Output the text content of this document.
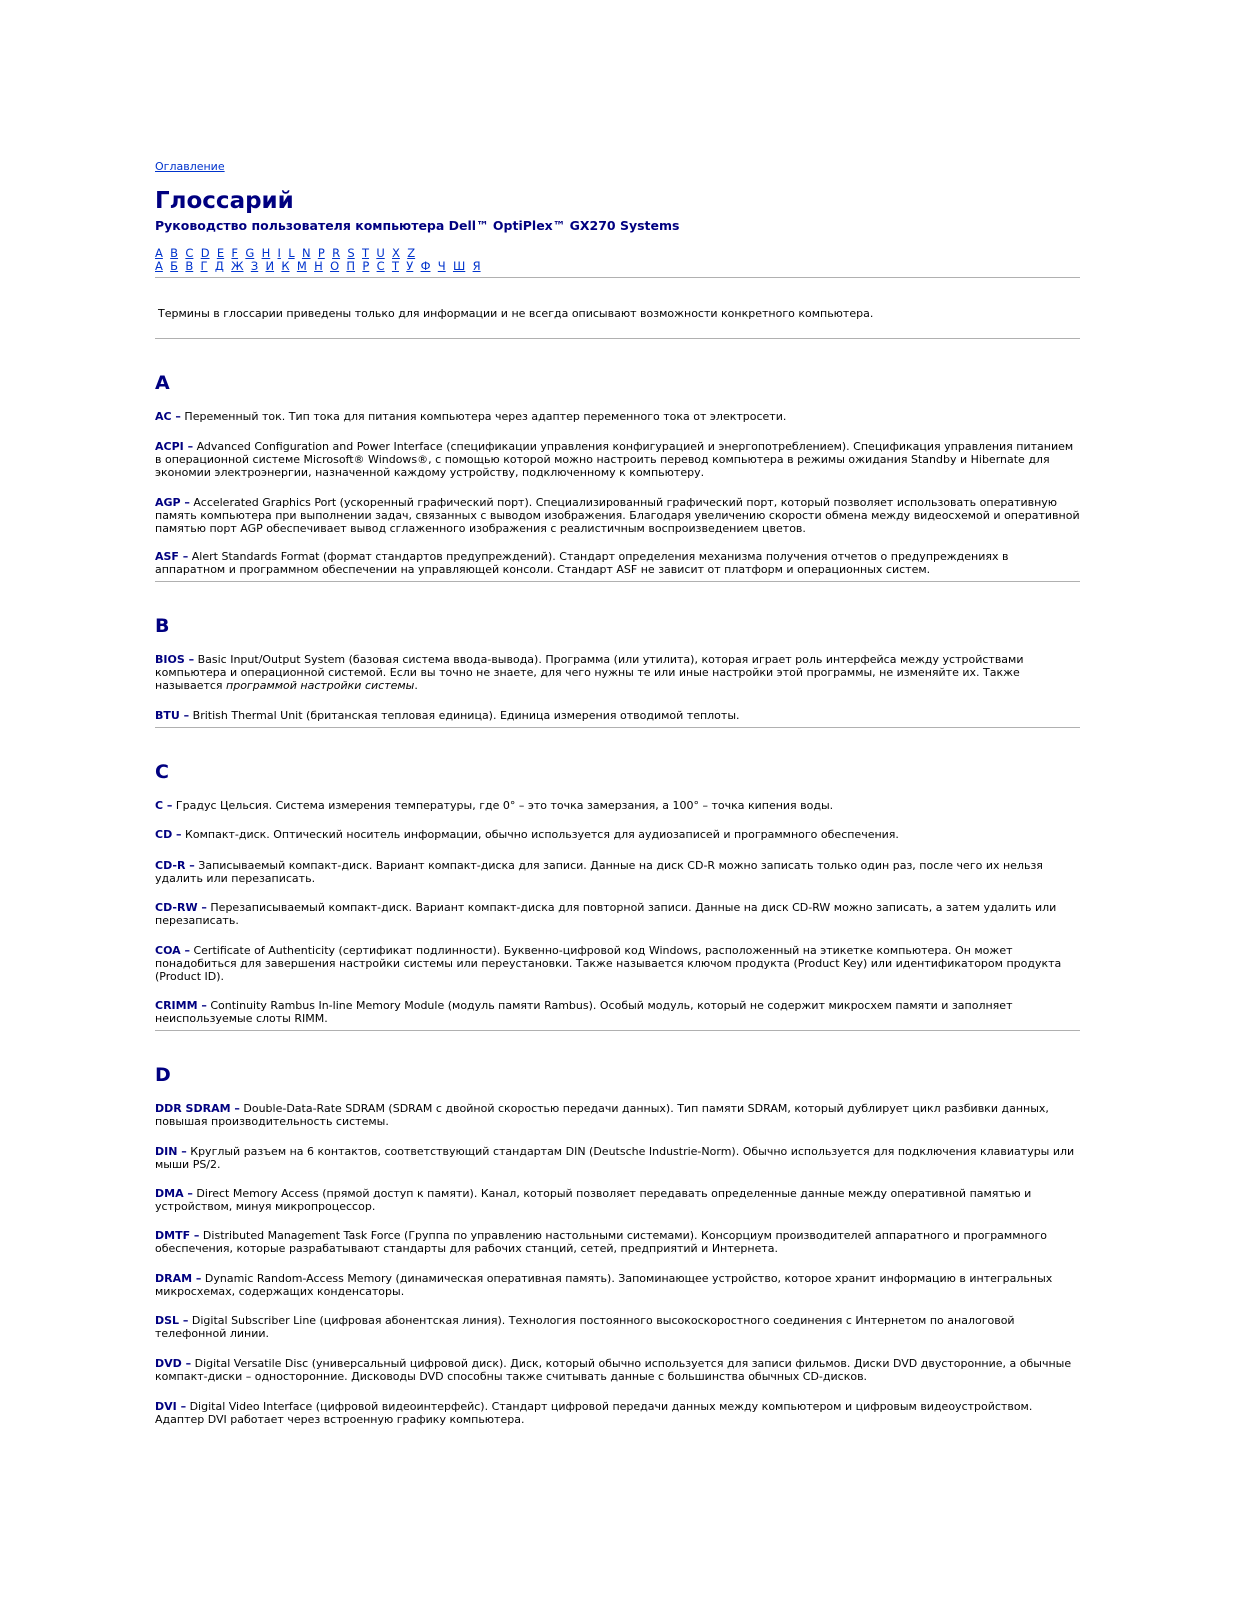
Оглавление
Глоссарий
Руководство пользователя компьютера Dell™ OptiPlex™ GX270 Systems
A B C D E F G H I L N P R S T U X Z
А Б В Г Д Ж З И К М Н О П Р С Т У Ф Ч Ш Я

Термины в глоссарии приведены только для информации и не всегда описывают возможности конкретного компьютера.

A

AC – Переменный ток. Тип тока для питания компьютера через адаптер переменного тока от электросети.

ACPI – Advanced Configuration and Power Interface (спецификации управления конфигурацией и энергопотреблением). Спецификация управления питанием в операционной системе Microsoft® Windows®, с помощью которой можно настроить перевод компьютера в режимы ожидания Standby и Hibernate для экономии электроэнергии, назначенной каждому устройству, подключенному к компьютеру.

AGP – Accelerated Graphics Port (ускоренный графический порт). Специализированный графический порт, который позволяет использовать оперативную память компьютера при выполнении задач, связанных с выводом изображения. Благодаря увеличению скорости обмена между видеосхемой и оперативной памятью порт AGP обеспечивает вывод сглаженного изображения с реалистичным воспроизведением цветов.

ASF – Alert Standards Format (формат стандартов предупреждений). Стандарт определения механизма получения отчетов о предупреждениях в аппаратном и программном обеспечении на управляющей консоли. Стандарт ASF не зависит от платформ и операционных систем.

B

BIOS – Basic Input/Output System (базовая система ввода-вывода). Программа (или утилита), которая играет роль интерфейса между устройствами компьютера и операционной системой. Если вы точно не знаете, для чего нужны те или иные настройки этой программы, не изменяйте их. Также называется программой настройки системы.

BTU – British Thermal Unit (британская тепловая единица). Единица измерения отводимой теплоты.

C

C – Градус Цельсия. Система измерения температуры, где 0° – это точка замерзания, а 100° – точка кипения воды.

CD – Компакт-диск. Оптический носитель информации, обычно используется для аудиозаписей и программного обеспечения.

CD-R – Записываемый компакт-диск. Вариант компакт-диска для записи. Данные на диск CD-R можно записать только один раз, после чего их нельзя удалить или перезаписать.

CD-RW – Перезаписываемый компакт-диск. Вариант компакт-диска для повторной записи. Данные на диск CD-RW можно записать, а затем удалить или перезаписать.

COA – Certificate of Authenticity (сертификат подлинности). Буквенно-цифровой код Windows, расположенный на этикетке компьютера. Он может понадобиться для завершения настройки системы или переустановки. Также называется ключом продукта (Product Key) или идентификатором продукта (Product ID).

CRIMM – Continuity Rambus In-line Memory Module (модуль памяти Rambus). Особый модуль, который не содержит микросхем памяти и заполняет неиспользуемые слоты RIMM.

D

DDR SDRAM – Double-Data-Rate SDRAM (SDRAM с двойной скоростью передачи данных). Тип памяти SDRAM, который дублирует цикл разбивки данных, повышая производительность системы.

DIN – Круглый разъем на 6 контактов, соответствующий стандартам DIN (Deutsche Industrie-Norm). Обычно используется для подключения клавиатуры или мыши PS/2.

DMA – Direct Memory Access (прямой доступ к памяти). Канал, который позволяет передавать определенные данные между оперативной памятью и устройством, минуя микропроцессор.

DMTF – Distributed Management Task Force (Группа по управлению настольными системами). Консорциум производителей аппаратного и программного обеспечения, которые разрабатывают стандарты для рабочих станций, сетей, предприятий и Интернета.

DRAM – Dynamic Random-Access Memory (динамическая оперативная память). Запоминающее устройство, которое хранит информацию в интегральных микросхемах, содержащих конденсаторы.

DSL – Digital Subscriber Line (цифровая абонентская линия). Технология постоянного высокоскоростного соединения с Интернетом по аналоговой телефонной линии.

DVD – Digital Versatile Disc (универсальный цифровой диск). Диск, который обычно используется для записи фильмов. Диски DVD двусторонние, а обычные компакт-диски – односторонние. Дисководы DVD способны также считывать данные с большинства обычных CD-дисков.

DVI – Digital Video Interface (цифровой видеоинтерфейс). Стандарт цифровой передачи данных между компьютером и цифровым видеоустройством. Адаптер DVI работает через встроенную графику компьютера.
